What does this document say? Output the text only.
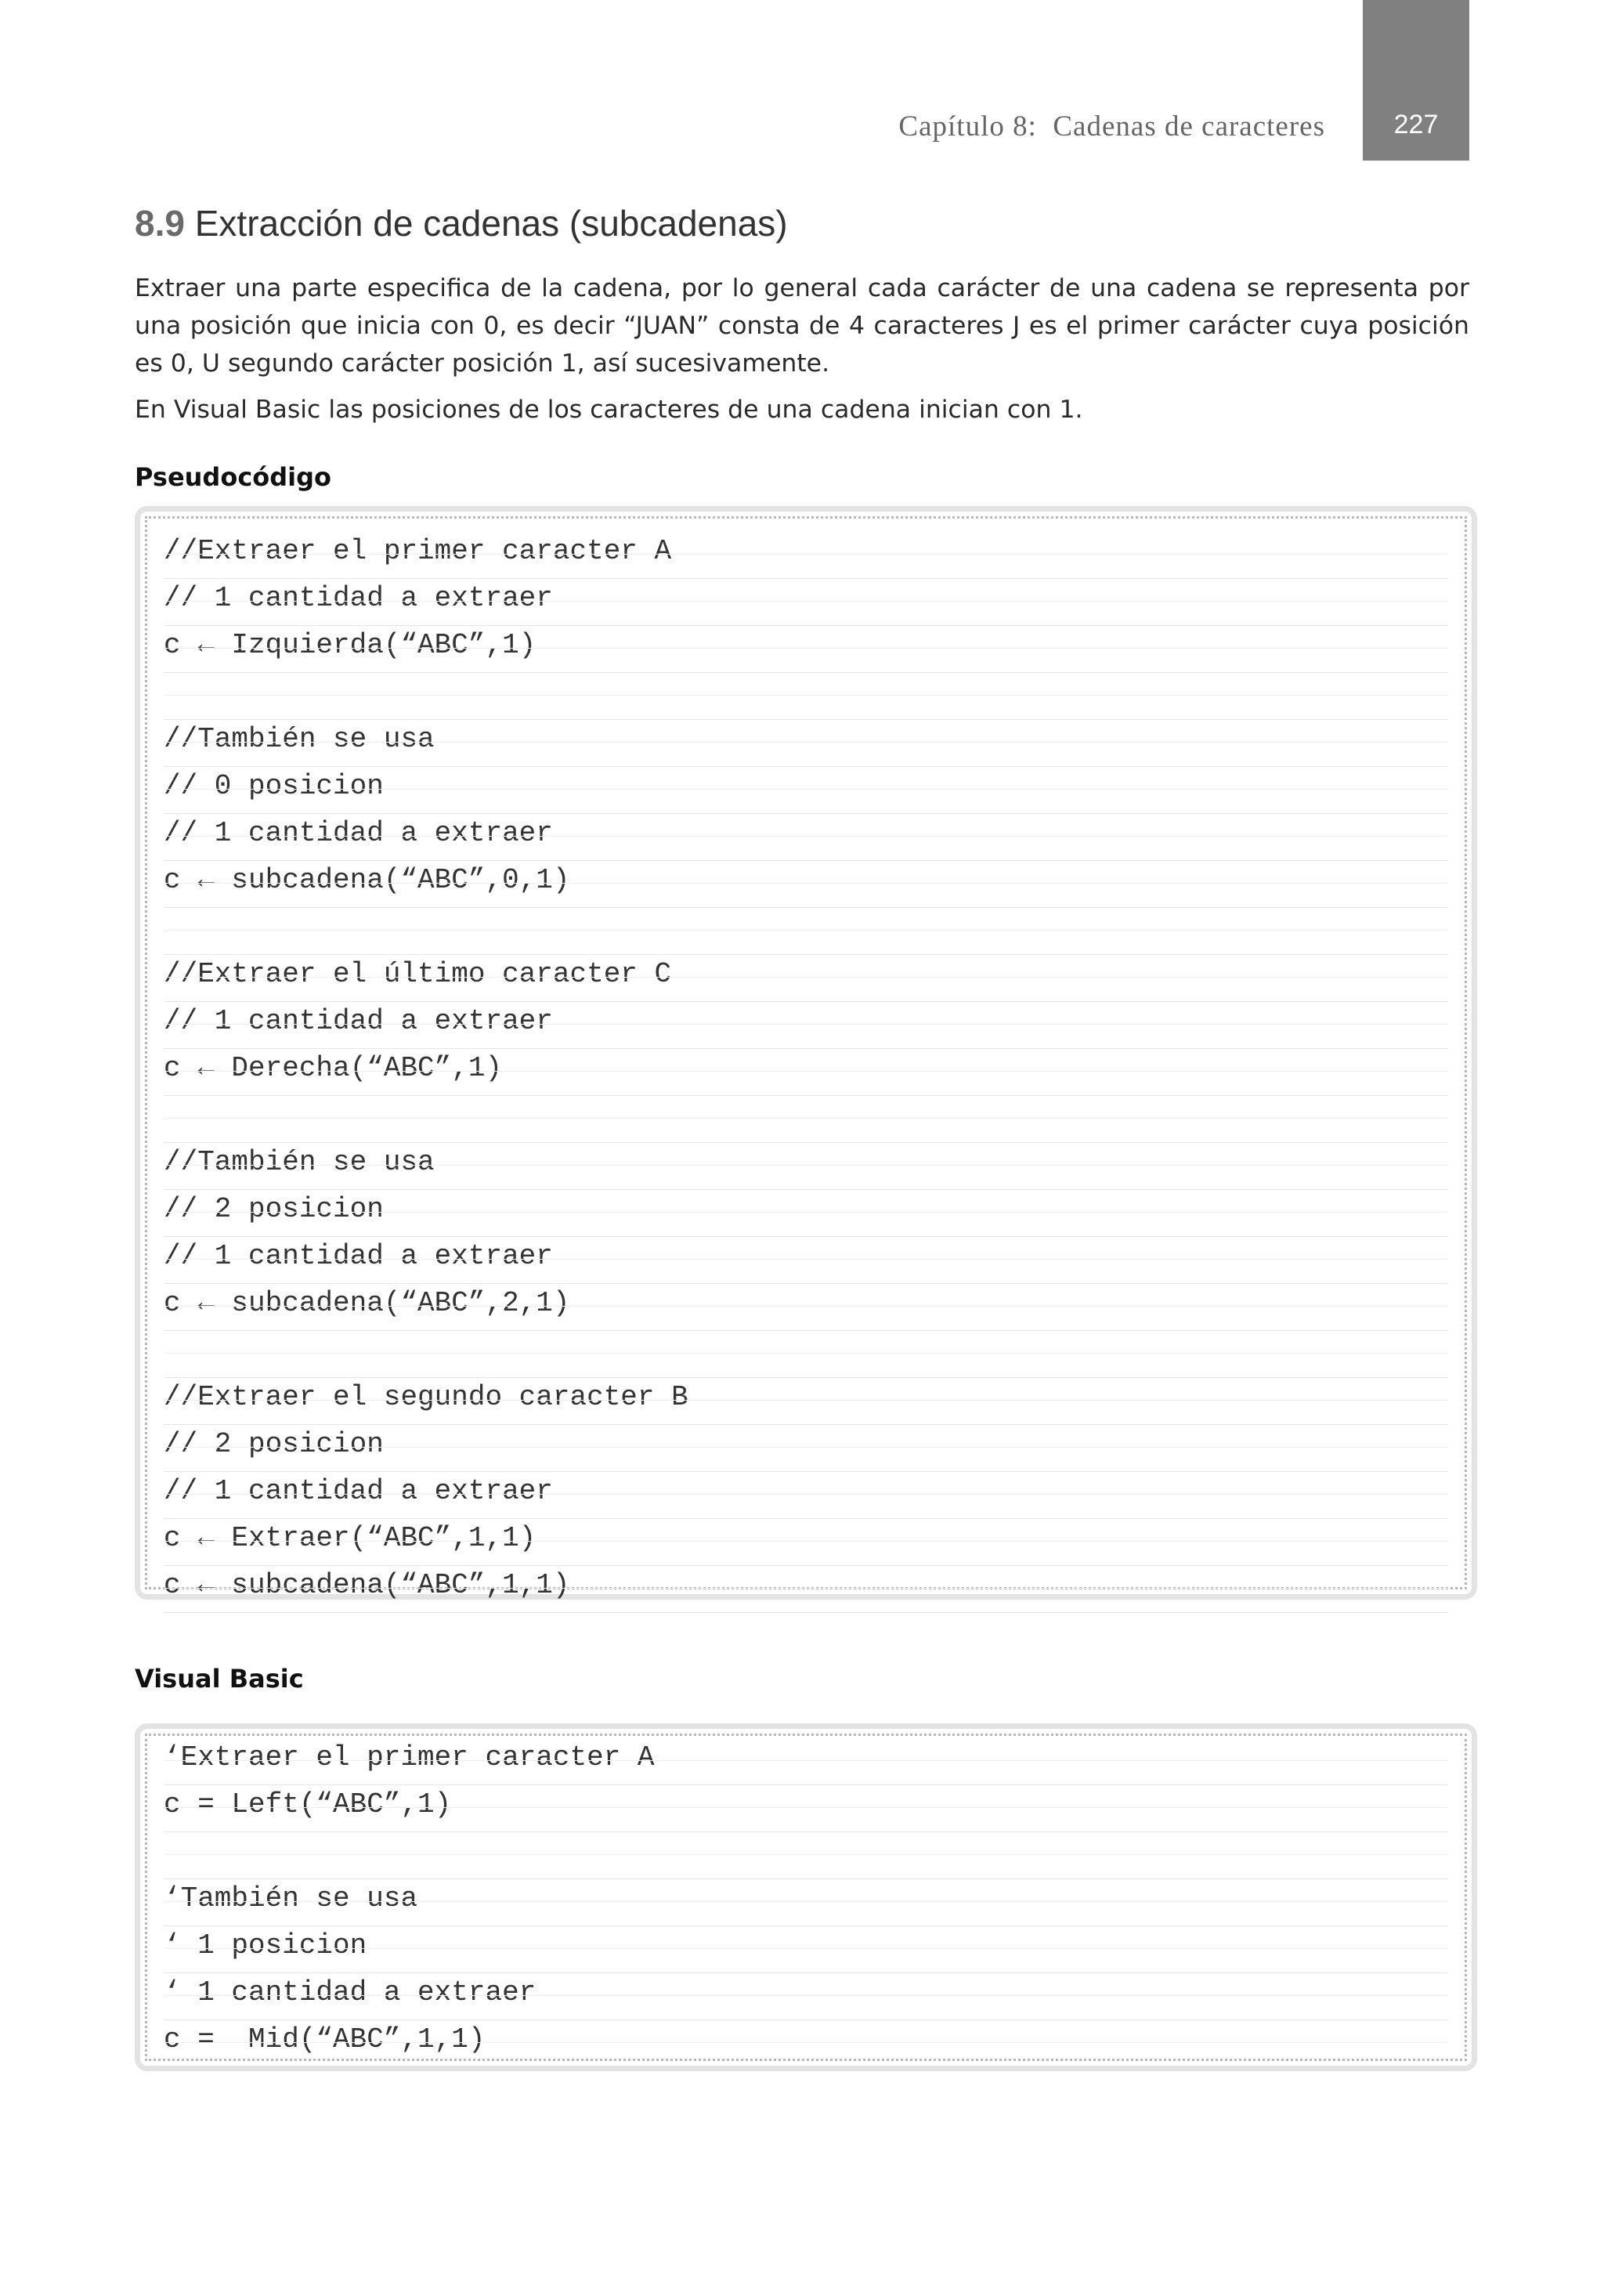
227
Capítulo 8:  Cadenas de caracteres
8.9 Extracción de cadenas (subcadenas)

Extraer una parte especifica de la cadena, por lo general cada carácter de una cadena se representa por una posición que inicia con 0, es decir “JUAN” consta de 4 caracteres J es el primer carácter cuya posición es 0, U segundo carácter posición 1, así sucesivamente.

En Visual Basic las posiciones de los caracteres de una cadena inician con 1.

Pseudocódigo
//Extraer el primer caracter A
// 1 cantidad a extraer
c ← Izquierda(“ABC”,1)
//También se usa
// 0 posicion
// 1 cantidad a extraer
c ← subcadena(“ABC”,0,1)
//Extraer el último caracter C
// 1 cantidad a extraer
c ← Derecha(“ABC”,1)
//También se usa
// 2 posicion
// 1 cantidad a extraer
c ← subcadena(“ABC”,2,1)
//Extraer el segundo caracter B
// 2 posicion
// 1 cantidad a extraer
c ← Extraer(“ABC”,1,1)
c ← subcadena(“ABC”,1,1)
Visual Basic
‘Extraer el primer caracter A
c = Left(“ABC”,1)
‘También se usa
‘ 1 posicion
‘ 1 cantidad a extraer
c =  Mid(“ABC”,1,1)
